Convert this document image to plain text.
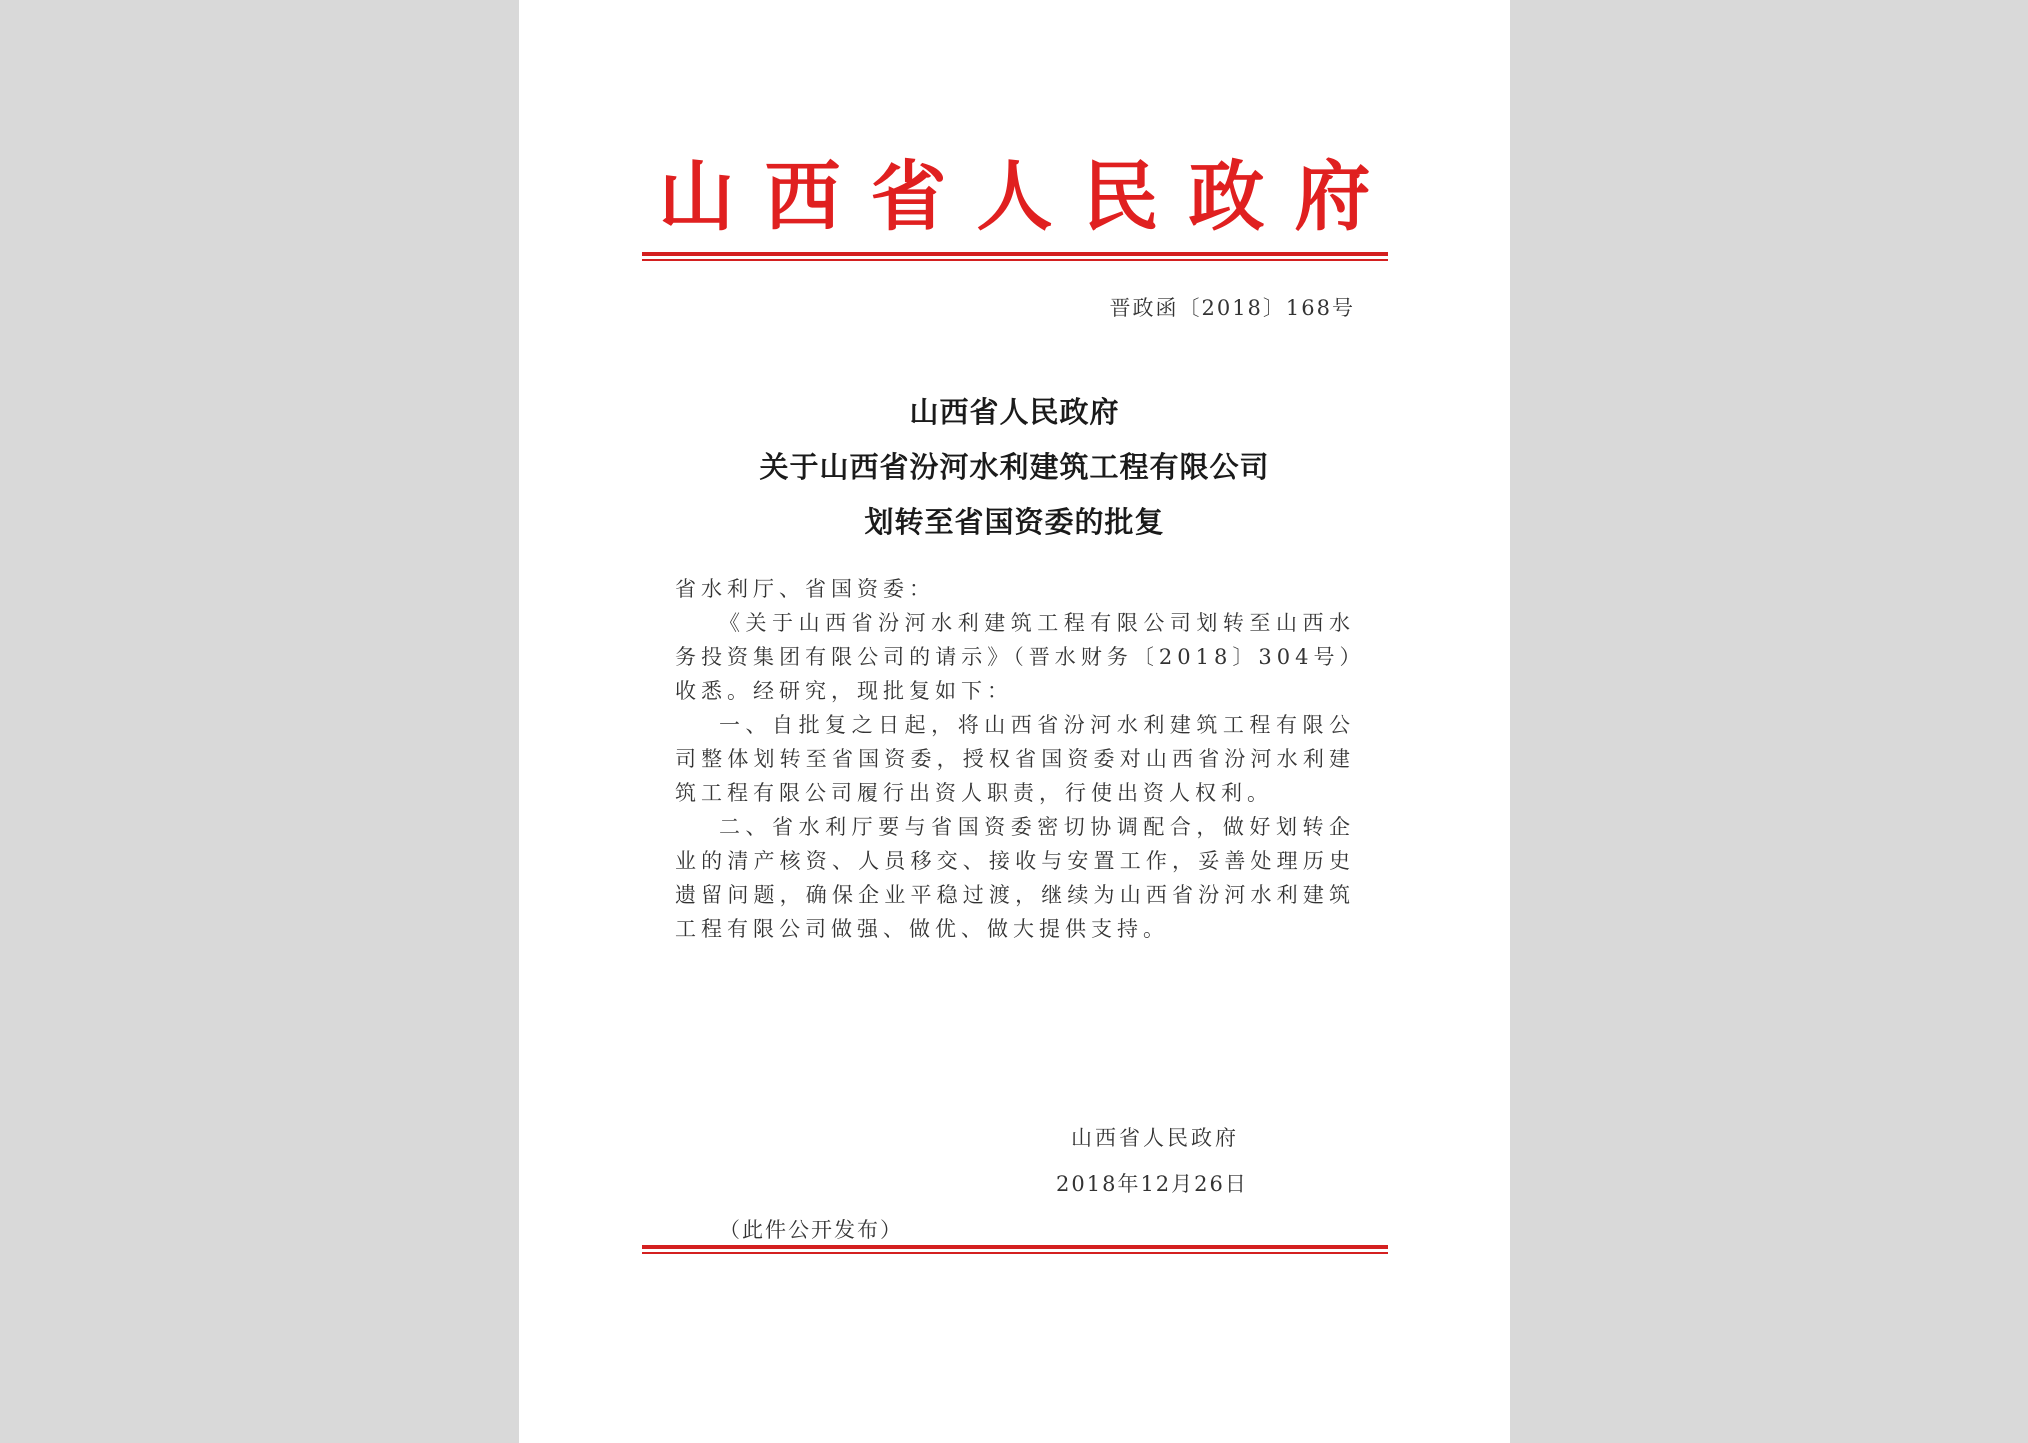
山西省人民政府
晋政函〔2018〕168号
山西省人民政府
关于山西省汾河水利建筑工程有限公司
划转至省国资委的批复

省水利厅、省国资委：

《关于山西省汾河水利建筑工程有限公司划转至山西水务投资集团有限公司的请示》（晋水财务〔2018〕304号）收悉。经研究，现批复如下：

一、自批复之日起，将山西省汾河水利建筑工程有限公司整体划转至省国资委，授权省国资委对山西省汾河水利建筑工程有限公司履行出资人职责，行使出资人权利。

二、省水利厅要与省国资委密切协调配合，做好划转企业的清产核资、人员移交、接收与安置工作，妥善处理历史遗留问题，确保企业平稳过渡，继续为山西省汾河水利建筑工程有限公司做强、做优、做大提供支持。

山西省人民政府
2018年12月26日
（此件公开发布）
